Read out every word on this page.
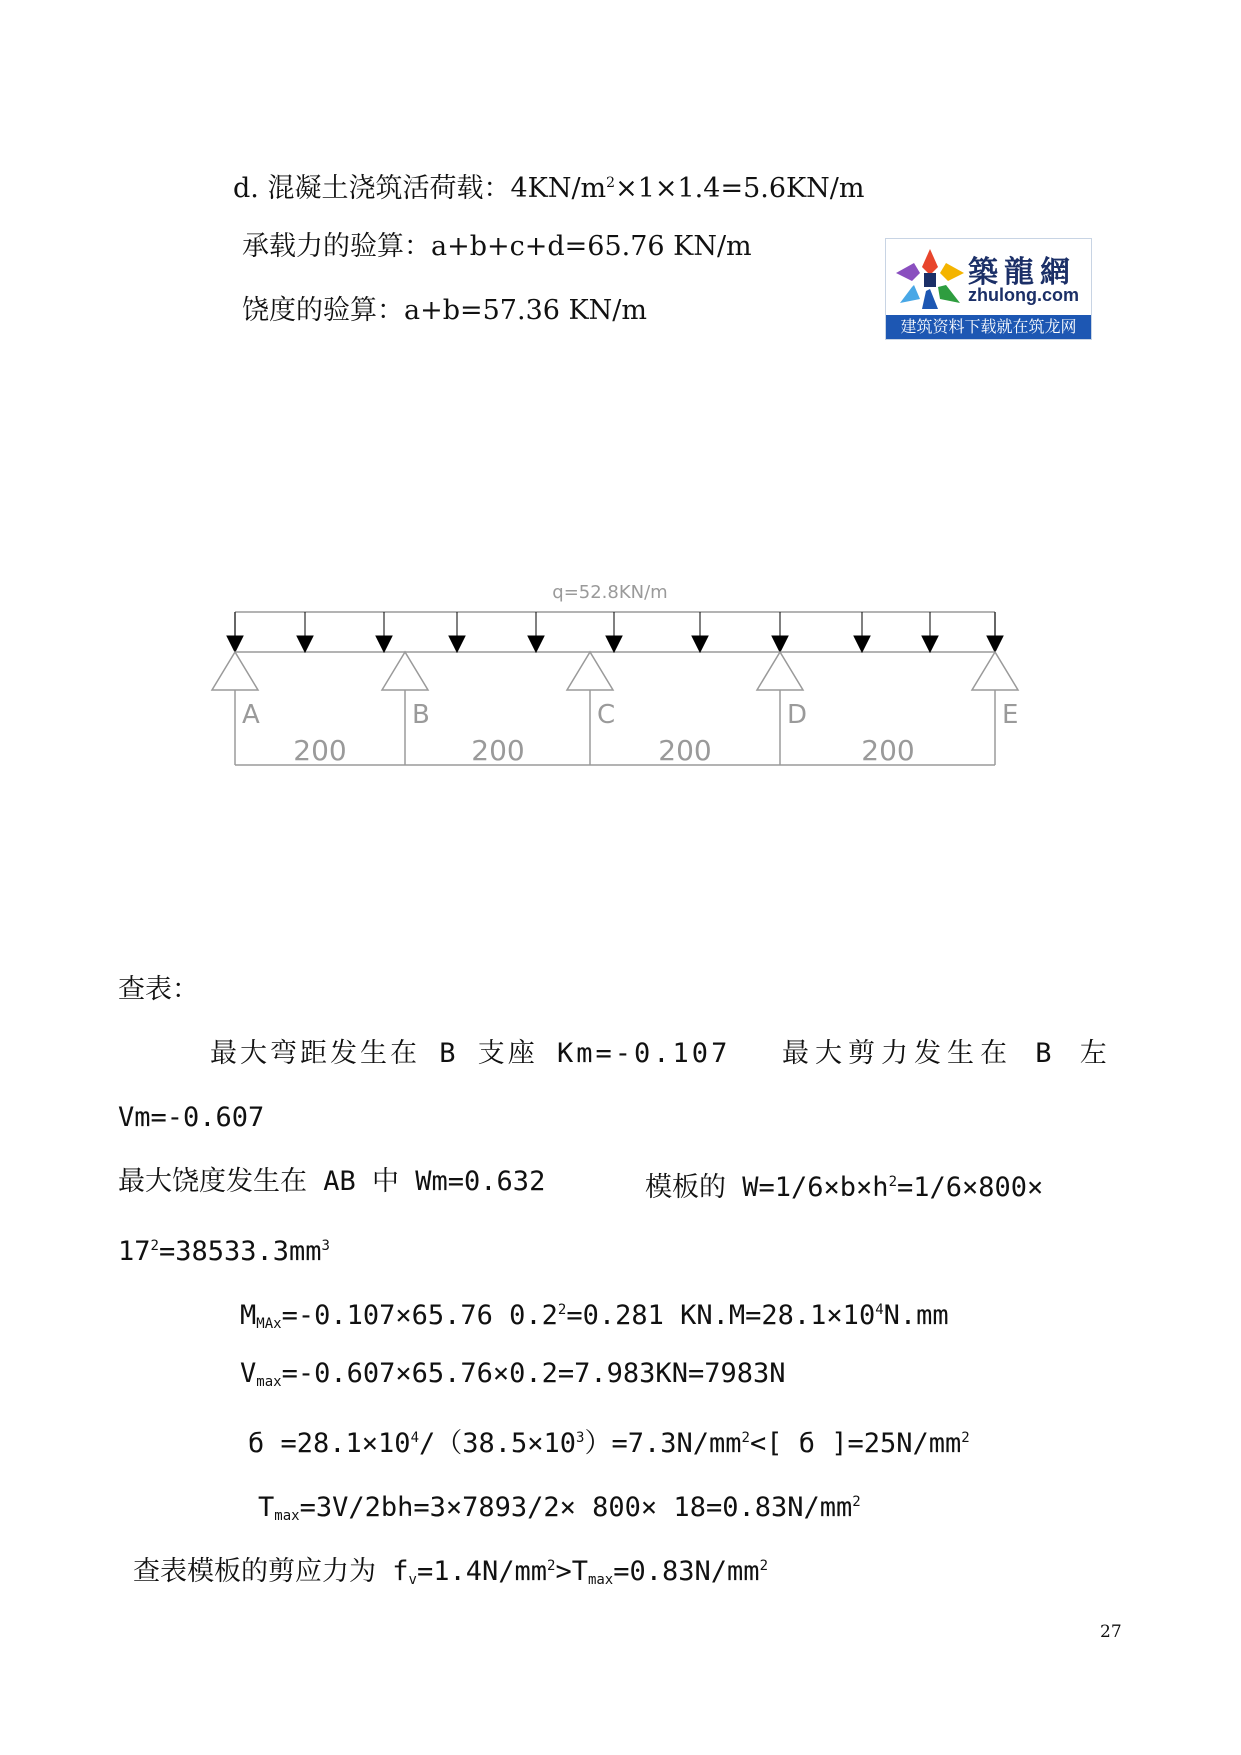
d. 混凝土浇筑活荷载：$4KN/m^2\times 1\times 1.4=5.6KN/m$
承载力的验算：a+b+c+d=65.76 KN/m
饶度的验算：a+b=57.36 KN/m
築龍網
zhulong.com
建筑资料下载就在筑龙网
q=52.8KN/m
A	B	C	D	E
200	200	200	200
查表：
最大弯距发生在 B 支座 Km=-0.107 最大剪力发生在 B 左
Vm=-0.607
最大饶度发生在 AB 中 Wm=0.632	模板的 $W=1/6\times b\times h^2=1/6\times 800\times$
$17^2=38533.3mm^3$
$M_{MAx}=-0.107\times 65.76$ $0.2^2=0.281$ $KN.M=28.1\times 10^4N.mm$
$V_{max}=-0.607\times 65.76\times 0.2=7.983KN=7983N$
$б =28.1\times 10^4/(38.5\times 10^3)=7.3N/mm^2<$[ б ]$=25N/mm^2$
$T_{max}=3V/2bh=3\times 7893/2\times 800\times 18=0.83N/mm^2$
查表模板的剪应力为 $f_v=1.4N/mm^2>T_{max}=0.83N/mm^2$
27
